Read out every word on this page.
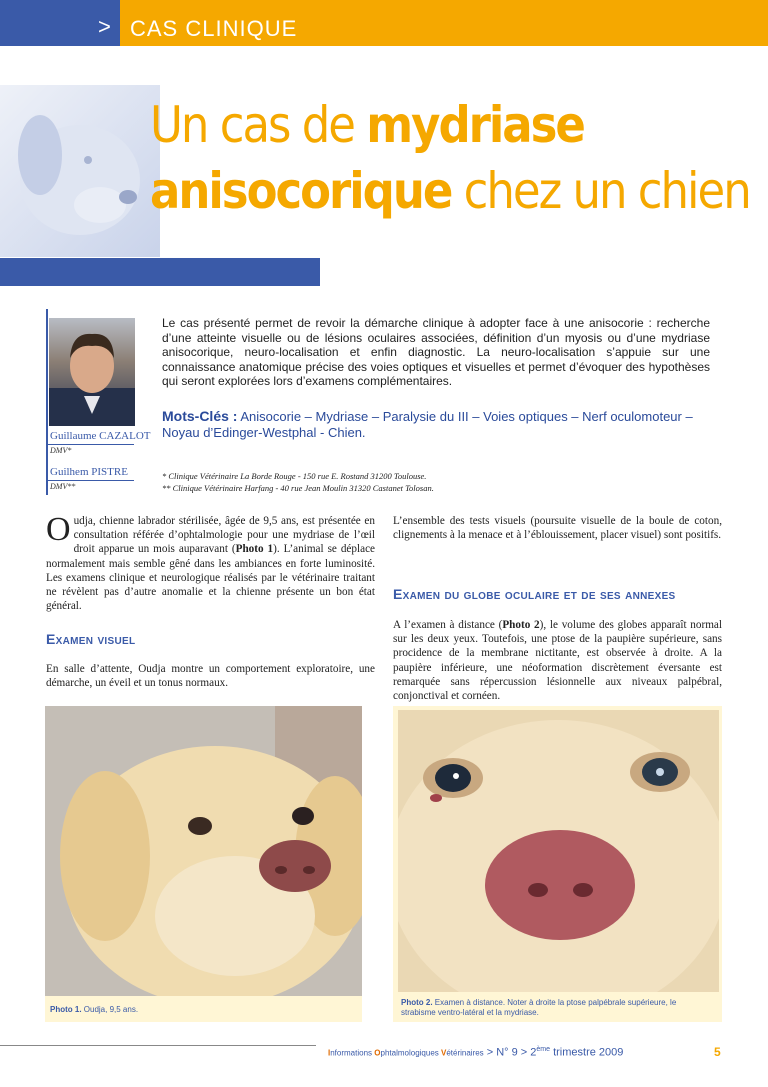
> CAS CLINIQUE
Un cas de mydriase
anisocorique chez un chien
Guillaume CAZALOT
DMV*
Guilhem PISTRE
DMV**
Le cas présenté permet de revoir la démarche clinique à adopter face à une anisocorie : recherche d’une atteinte visuelle ou de lésions oculaires associées, définition d’un myosis ou d’une mydriase anisocorique, neuro-localisation et enfin diagnostic. La neuro-localisation s’appuie sur une connaissance anatomique précise des voies optiques et visuelles et permet d’évoquer des hypothèses qui seront explorées lors d’examens complémentaires.
Mots-Clés : Anisocorie – Mydriase – Paralysie du III – Voies optiques – Nerf oculomoteur – Noyau d’Edinger-Westphal - Chien.
* Clinique Vétérinaire La Borde Rouge - 150 rue E. Rostand 31200 Toulouse.
** Clinique Vétérinaire Harfang - 40 rue Jean Moulin 31320 Castanet Tolosan.
Oudja, chienne labrador stérilisée, âgée de 9,5 ans, est présentée en consultation référée d’ophtalmologie pour une mydriase de l’œil droit apparue un mois auparavant (Photo 1). L’animal se déplace normalement mais semble gêné dans les ambiances en forte luminosité. Les examens clinique et neurologique réalisés par le vétérinaire traitant ne révèlent pas d’autre anomalie et la chienne présente un bon état général.
Examen visuel
En salle d’attente, Oudja montre un comportement exploratoire, une démarche, un éveil et un tonus normaux.
L’ensemble des tests visuels (poursuite visuelle de la boule de coton, clignements à la menace et à l’éblouissement, placer visuel) sont positifs.
Examen du globe oculaire et de ses annexes
A l’examen à distance (Photo 2), le volume des globes apparaît normal sur les deux yeux. Toutefois, une ptose de la paupière supérieure, sans procidence de la membrane nictitante, est observée à droite. A la paupière inférieure, une néoformation discrètement éversante est remarquée sans répercussion lésionnelle aux niveaux palpébral, conjonctival et cornéen.
Photo 1. Oudja, 9,5 ans.
Photo 2. Examen à distance. Noter à droite la ptose palpébrale supérieure, le strabisme ventro-latéral et la mydriase.
Informations Ophtalmologiques Vétérinaires > N° 9 > 2ème trimestre 2009	5
